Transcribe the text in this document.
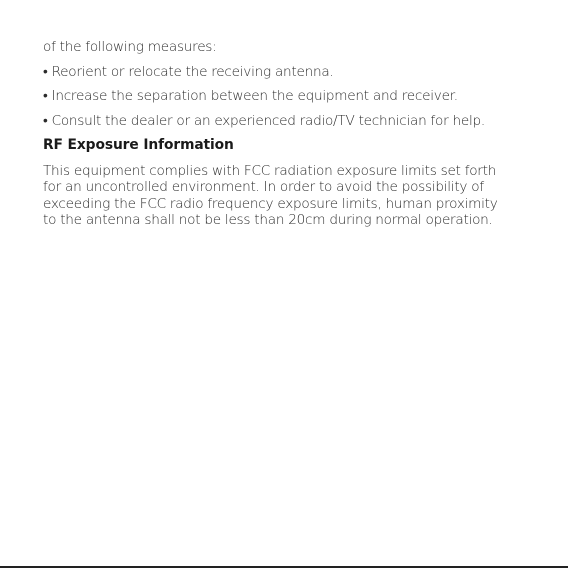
of the following measures:
• Reorient or relocate the receiving antenna.
• Increase the separation between the equipment and receiver.
• Consult the dealer or an experienced radio/TV technician for help.
RF Exposure Information
This equipment complies with FCC radiation exposure limits set forth
for an uncontrolled environment. In order to avoid the possibility of
exceeding the FCC radio frequency exposure limits, human proximity
to the antenna shall not be less than 20cm during normal operation.
